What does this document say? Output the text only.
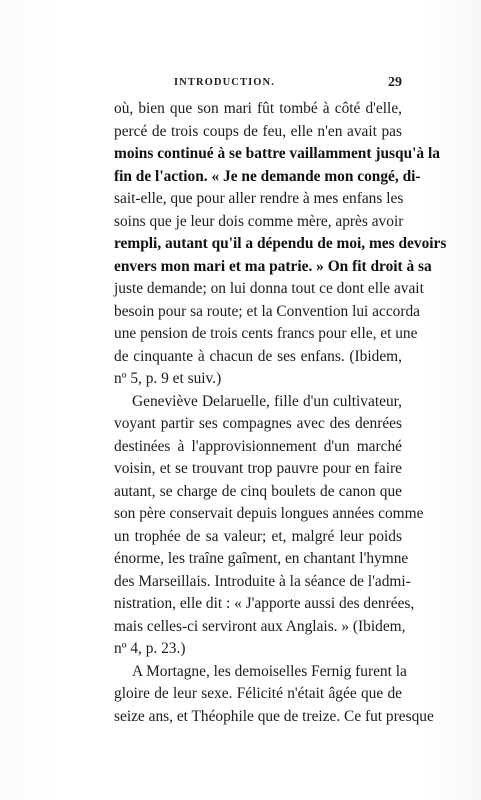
INTRODUCTION.	29
où, bien que son mari fût tombé à côté d'elle,
percé de trois coups de feu, elle n'en avait pas
moins continué à se battre vaillamment jusqu'à la
fin de l'action. « Je ne demande mon congé, di-
sait-elle, que pour aller rendre à mes enfans les
soins que je leur dois comme mère, après avoir
rempli, autant qu'il a dépendu de moi, mes devoirs
envers mon mari et ma patrie. » On fit droit à sa
juste demande; on lui donna tout ce dont elle avait
besoin pour sa route; et la Convention lui accorda
une pension de trois cents francs pour elle, et une
de cinquante à chacun de ses enfans. (Ibidem,
nº 5, p. 9 et suiv.)
Geneviève Delaruelle, fille d'un cultivateur,
voyant partir ses compagnes avec des denrées
destinées à l'approvisionnement d'un marché
voisin, et se trouvant trop pauvre pour en faire
autant, se charge de cinq boulets de canon que
son père conservait depuis longues années comme
un trophée de sa valeur; et, malgré leur poids
énorme, les traîne gaîment, en chantant l'hymne
des Marseillais. Introduite à la séance de l'admi-
nistration, elle dit : « J'apporte aussi des denrées,
mais celles-ci serviront aux Anglais. » (Ibidem,
nº 4, p. 23.)
A Mortagne, les demoiselles Fernig furent la
gloire de leur sexe. Félicité n'était âgée que de
seize ans, et Théophile que de treize. Ce fut presque
